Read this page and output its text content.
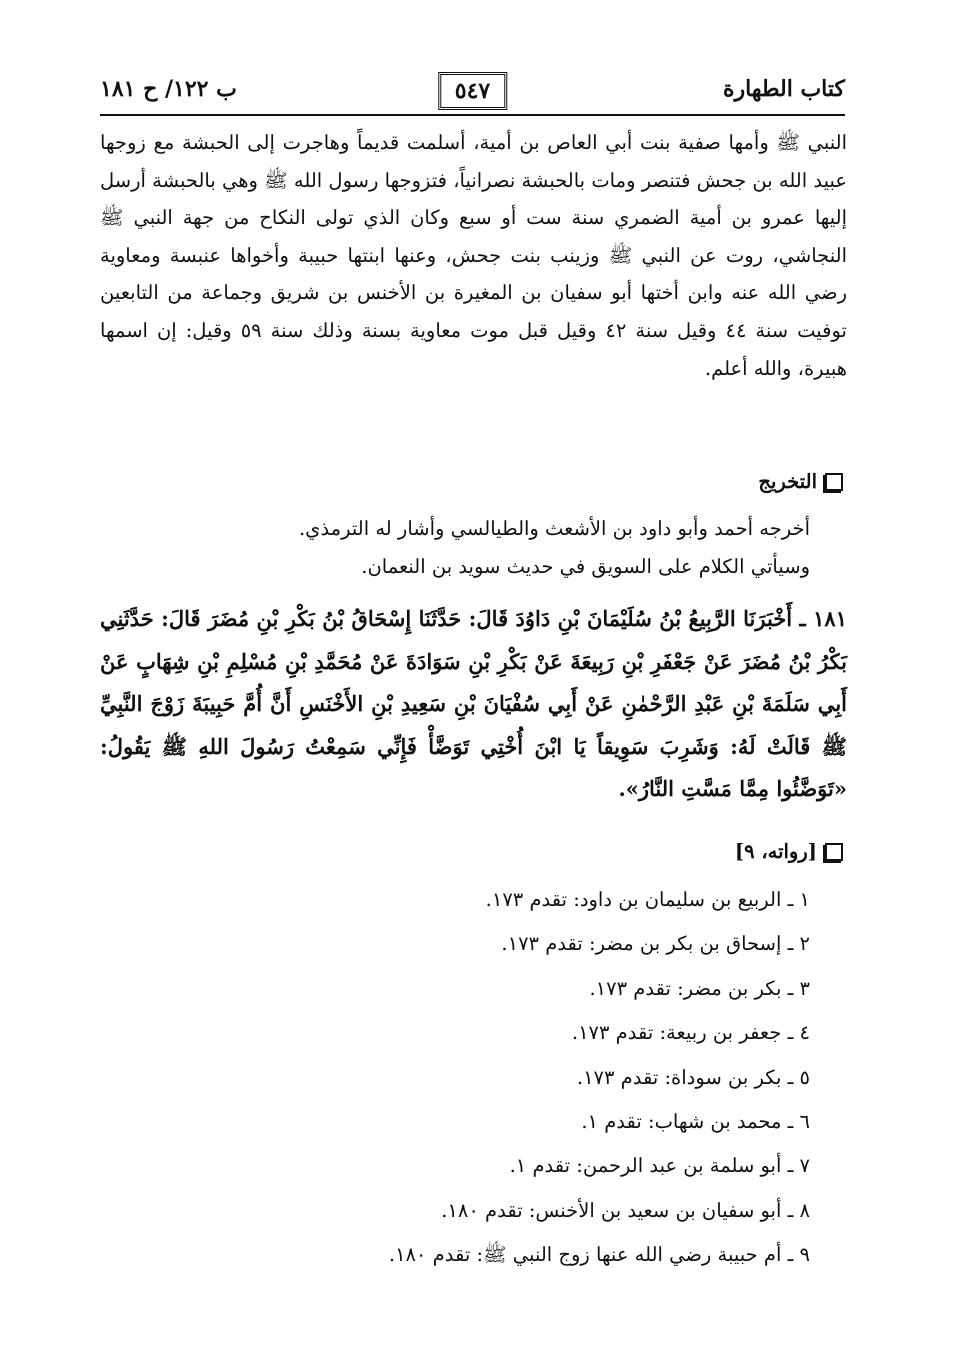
كتاب الطهارة
٥٤٧
ب ١٢٢/ ح ١٨١
النبي ﷺ وأمها صفية بنت أبي العاص بن أمية، أسلمت قديماً وهاجرت إلى الحبشة مع زوجها عبيد الله بن جحش فتنصر ومات بالحبشة نصرانياً، فتزوجها رسول الله ﷺ وهي بالحبشة أرسل إليها عمرو بن أمية الضمري سنة ست أو سبع وكان الذي تولى النكاح من جهة النبي ﷺ النجاشي، روت عن النبي ﷺ وزينب بنت جحش، وعنها ابنتها حبيبة وأخواها عنبسة ومعاوية رضي الله عنه وابن أختها أبو سفيان بن المغيرة بن الأخنس بن شريق وجماعة من التابعين توفيت سنة ٤٤ وقيل سنة ٤٢ وقيل قبل موت معاوية بسنة وذلك سنة ٥٩ وقيل: إن اسمها هبيرة، والله أعلم.
التخريج
أخرجه أحمد وأبو داود بن الأشعث والطيالسي وأشار له الترمذي.
وسيأتي الكلام على السويق في حديث سويد بن النعمان.
١٨١ ـ أَخْبَرَنَا الرَّبِيعُ بْنُ سُلَيْمَانَ بْنِ دَاوُدَ قَالَ: حَدَّثَنَا إِسْحَاقُ بْنُ بَكْرِ بْنِ مُضَرَ قَالَ: حَدَّثَنِي بَكْرُ بْنُ مُضَرَ عَنْ جَعْفَرِ بْنِ رَبِيعَةَ عَنْ بَكْرِ بْنِ سَوَادَةَ عَنْ مُحَمَّدِ بْنِ مُسْلِمِ بْنِ شِهَابٍ عَنْ أَبِي سَلَمَةَ بْنِ عَبْدِ الرَّحْمٰنِ عَنْ أَبِي سُفْيَانَ بْنِ سَعِيدِ بْنِ الأَخْنَسِ أَنَّ أُمَّ حَبِيبَةَ زَوْجَ النَّبِيِّ ﷺ قَالَتْ لَهُ: وَشَرِبَ سَوِيقاً يَا ابْنَ أُخْتِي تَوَضَّأْ فَإِنِّي سَمِعْتُ رَسُولَ اللهِ ﷺ يَقُولُ: «تَوَضَّئُوا مِمَّا مَسَّتِ النَّارُ».
[رواته، ٩]
١ ـ الربيع بن سليمان بن داود: تقدم ١٧٣.
٢ ـ إسحاق بن بكر بن مضر: تقدم ١٧٣.
٣ ـ بكر بن مضر: تقدم ١٧٣.
٤ ـ جعفر بن ربيعة: تقدم ١٧٣.
٥ ـ بكر بن سوداة: تقدم ١٧٣.
٦ ـ محمد بن شهاب: تقدم ١.
٧ ـ أبو سلمة بن عبد الرحمن: تقدم ١.
٨ ـ أبو سفيان بن سعيد بن الأخنس: تقدم ١٨٠.
٩ ـ أم حبيبة رضي الله عنها زوج النبي ﷺ: تقدم ١٨٠.
